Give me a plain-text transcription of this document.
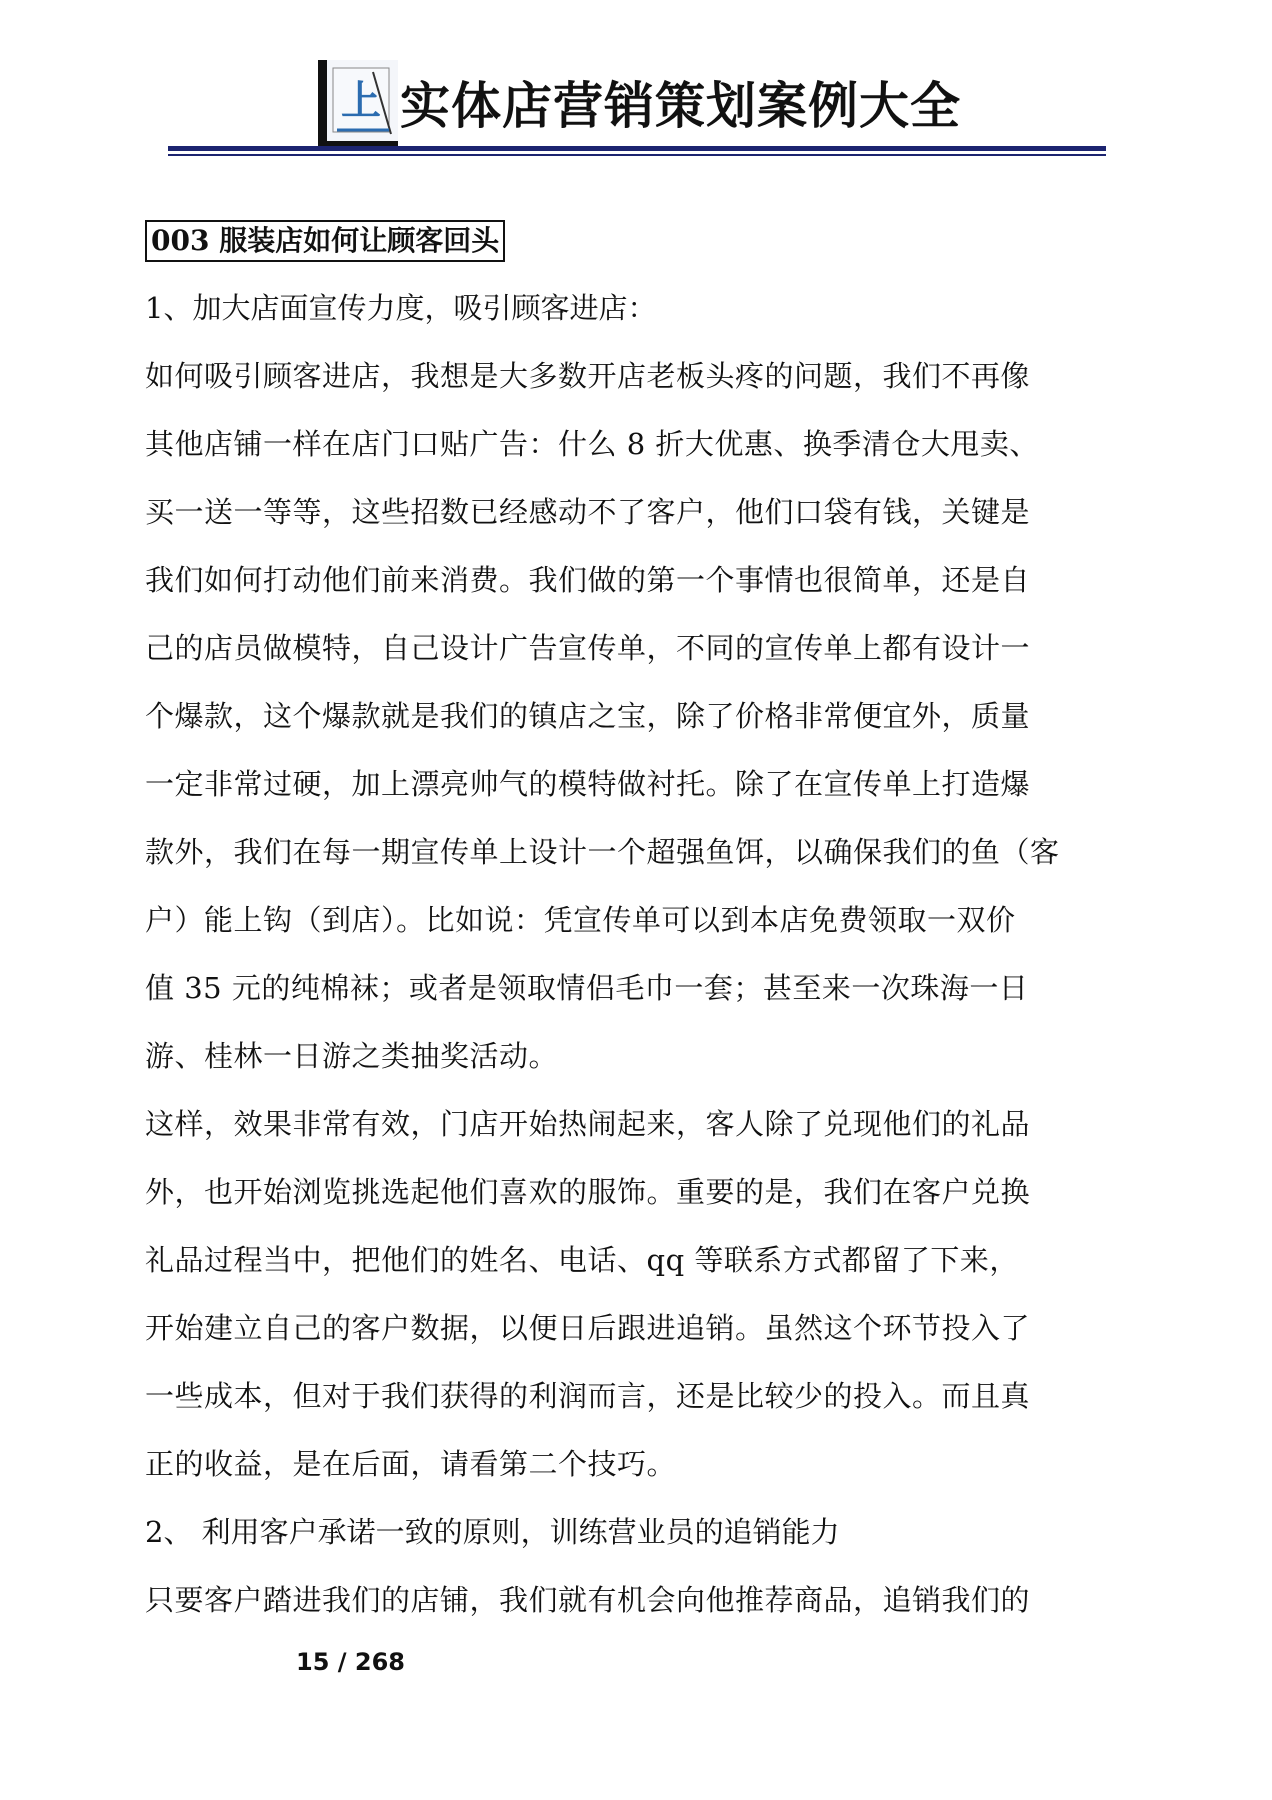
上 实体店营销策划案例大全
003 服装店如何让顾客回头
1、加大店面宣传力度，吸引顾客进店：
如何吸引顾客进店，我想是大多数开店老板头疼的问题，我们不再像
其他店铺一样在店门口贴广告：什么 8 折大优惠、换季清仓大甩卖、
买一送一等等，这些招数已经感动不了客户，他们口袋有钱，关键是
我们如何打动他们前来消费。我们做的第一个事情也很简单，还是自
己的店员做模特，自己设计广告宣传单，不同的宣传单上都有设计一
个爆款，这个爆款就是我们的镇店之宝，除了价格非常便宜外，质量
一定非常过硬，加上漂亮帅气的模特做衬托。除了在宣传单上打造爆
款外，我们在每一期宣传单上设计一个超强鱼饵，以确保我们的鱼（客
户）能上钩（到店）。比如说：凭宣传单可以到本店免费领取一双价
值 35 元的纯棉袜；或者是领取情侣毛巾一套；甚至来一次珠海一日
游、桂林一日游之类抽奖活动。
这样，效果非常有效，门店开始热闹起来，客人除了兑现他们的礼品
外，也开始浏览挑选起他们喜欢的服饰。重要的是，我们在客户兑换
礼品过程当中，把他们的姓名、电话、qq 等联系方式都留了下来，
开始建立自己的客户数据，以便日后跟进追销。虽然这个环节投入了
一些成本，但对于我们获得的利润而言，还是比较少的投入。而且真
正的收益，是在后面，请看第二个技巧。
2、 利用客户承诺一致的原则，训练营业员的追销能力
只要客户踏进我们的店铺，我们就有机会向他推荐商品，追销我们的
15 / 268
